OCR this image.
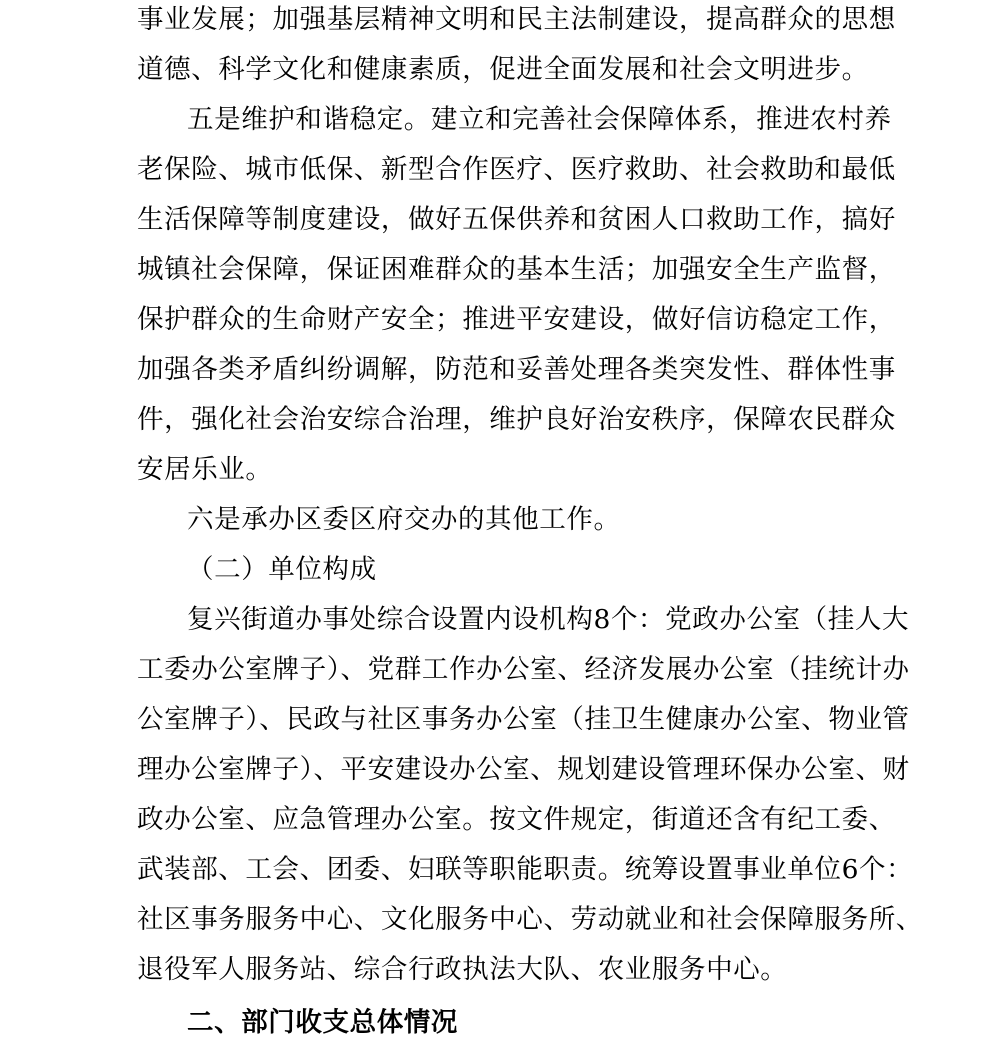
事业发展；加强基层精神文明和民主法制建设，提高群众的思想
道德、科学文化和健康素质，促进全面发展和社会文明进步。
五是维护和谐稳定。建立和完善社会保障体系，推进农村养
老保险、城市低保、新型合作医疗、医疗救助、社会救助和最低
生活保障等制度建设，做好五保供养和贫困人口救助工作，搞好
城镇社会保障，保证困难群众的基本生活；加强安全生产监督，
保护群众的生命财产安全；推进平安建设，做好信访稳定工作，
加强各类矛盾纠纷调解，防范和妥善处理各类突发性、群体性事
件，强化社会治安综合治理，维护良好治安秩序，保障农民群众
安居乐业。
六是承办区委区府交办的其他工作。
（二）单位构成
复兴街道办事处综合设置内设机构8个：党政办公室（挂人大
工委办公室牌子）、党群工作办公室、经济发展办公室（挂统计办
公室牌子）、民政与社区事务办公室（挂卫生健康办公室、物业管
理办公室牌子）、平安建设办公室、规划建设管理环保办公室、财
政办公室、应急管理办公室。按文件规定，街道还含有纪工委、
武装部、工会、团委、妇联等职能职责。统筹设置事业单位6个：
社区事务服务中心、文化服务中心、劳动就业和社会保障服务所、
退役军人服务站、综合行政执法大队、农业服务中心。
二、部门收支总体情况
